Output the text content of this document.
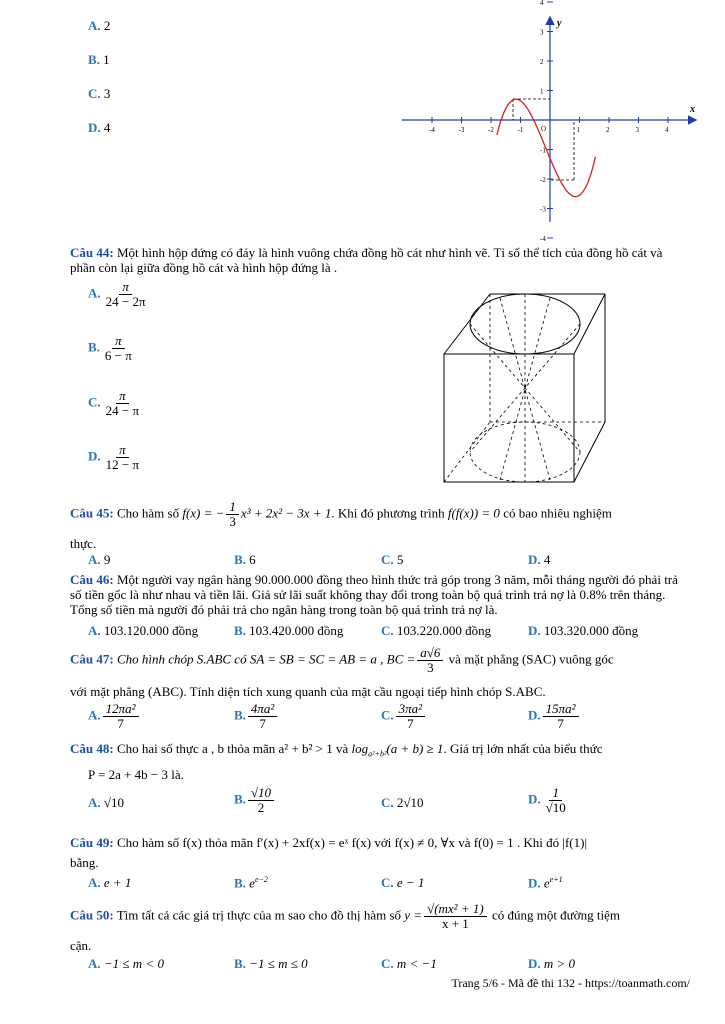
A. 2
B. 1
C. 3
D. 4
x
y
O
-4	-3	-2	-1	1	2	3	4
4
3
2
1
-1
-2
-3
-4
Câu 44: Một hình hộp đứng có đáy là hình vuông chứa đồng hồ cát như hình vẽ. Tỉ số thể tích của đồng hồ cát và phần còn lại giữa đồng hồ cát và hình hộp đứng là .
A. $\frac{\pi}{24 - 2\pi}$
B. $\frac{\pi}{6 - \pi}$
C. $\frac{\pi}{24 - \pi}$
D. $\frac{\pi}{12 - \pi}$
Câu 45: Cho hàm số f(x) = − $\frac{1}{3} x^3 + 2x^2 - 3x + 1$. Khi đó phương trình f(f(x)) = 0 có bao nhiêu nghiệm
thực.
A. 9	B. 6	C. 5	D. 4
Câu 46: Một người vay ngân hàng 90.000.000 đồng theo hình thức trả góp trong 3 năm, mỗi tháng người đó phải trả số tiền gốc là như nhau và tiền lãi. Giả sử lãi suất không thay đổi trong toàn bộ quá trình trả nợ là 0.8% trên tháng. Tổng số tiền mà người đó phải trả cho ngân hàng trong toàn bộ quá trình trả nợ là.
A. 103.120.000 đồng	B. 103.420.000 đồng	C. 103.220.000 đồng	D. 103.320.000 đồng
Câu 47: Cho hình chóp S.ABC có SA = SB = SC = AB = a , BC = $\frac{a√6}{3}$ và mặt phẳng (SAC) vuông góc
với mặt phẳng (ABC). Tính diện tích xung quanh của mặt cầu ngoại tiếp hình chóp S.ABC.
A. $\frac{\text{12πa²}}{7}$	B. $\frac{\text{4πa²}}{7}$	C. $\frac{\text{3πa²}}{7}$	D. $\frac{\text{15πa²}}{7}$
Câu 48: Cho hai số thực a , b thỏa mãn a² + b² > 1 và $\log_{a^2+b^2}(a + b) \ge 1$. Giá trị lớn nhất của biểu thức
P = 2a + 4b − 3 là.
A. √10	B. $\frac{√10}{2}$	C. 2√10	D. $\frac{1}{√10}$
Câu 49: Cho hàm số f(x) thỏa mãn f′(x) + 2xf(x) = eˣ f(x) với f(x) ≠ 0, ∀x và f(0) = 1 . Khi đó |f(1)|
bằng.
A. e + 1	B. $e^{e-2}$	C. e − 1	D. $e^{e+1}$
Câu 50: Tìm tất cả các giá trị thực của m sao cho đồ thị hàm số $y = \frac{\text{√(mx² + 1)}}{x + 1}$ có đúng một đường tiệm
cận.
A. −1 ≤ m < 0	B. −1 ≤ m ≤ 0	C. m < −1	D. m > 0
Trang 5/6 - Mã đề thi 132 - https://toanmath.com/
